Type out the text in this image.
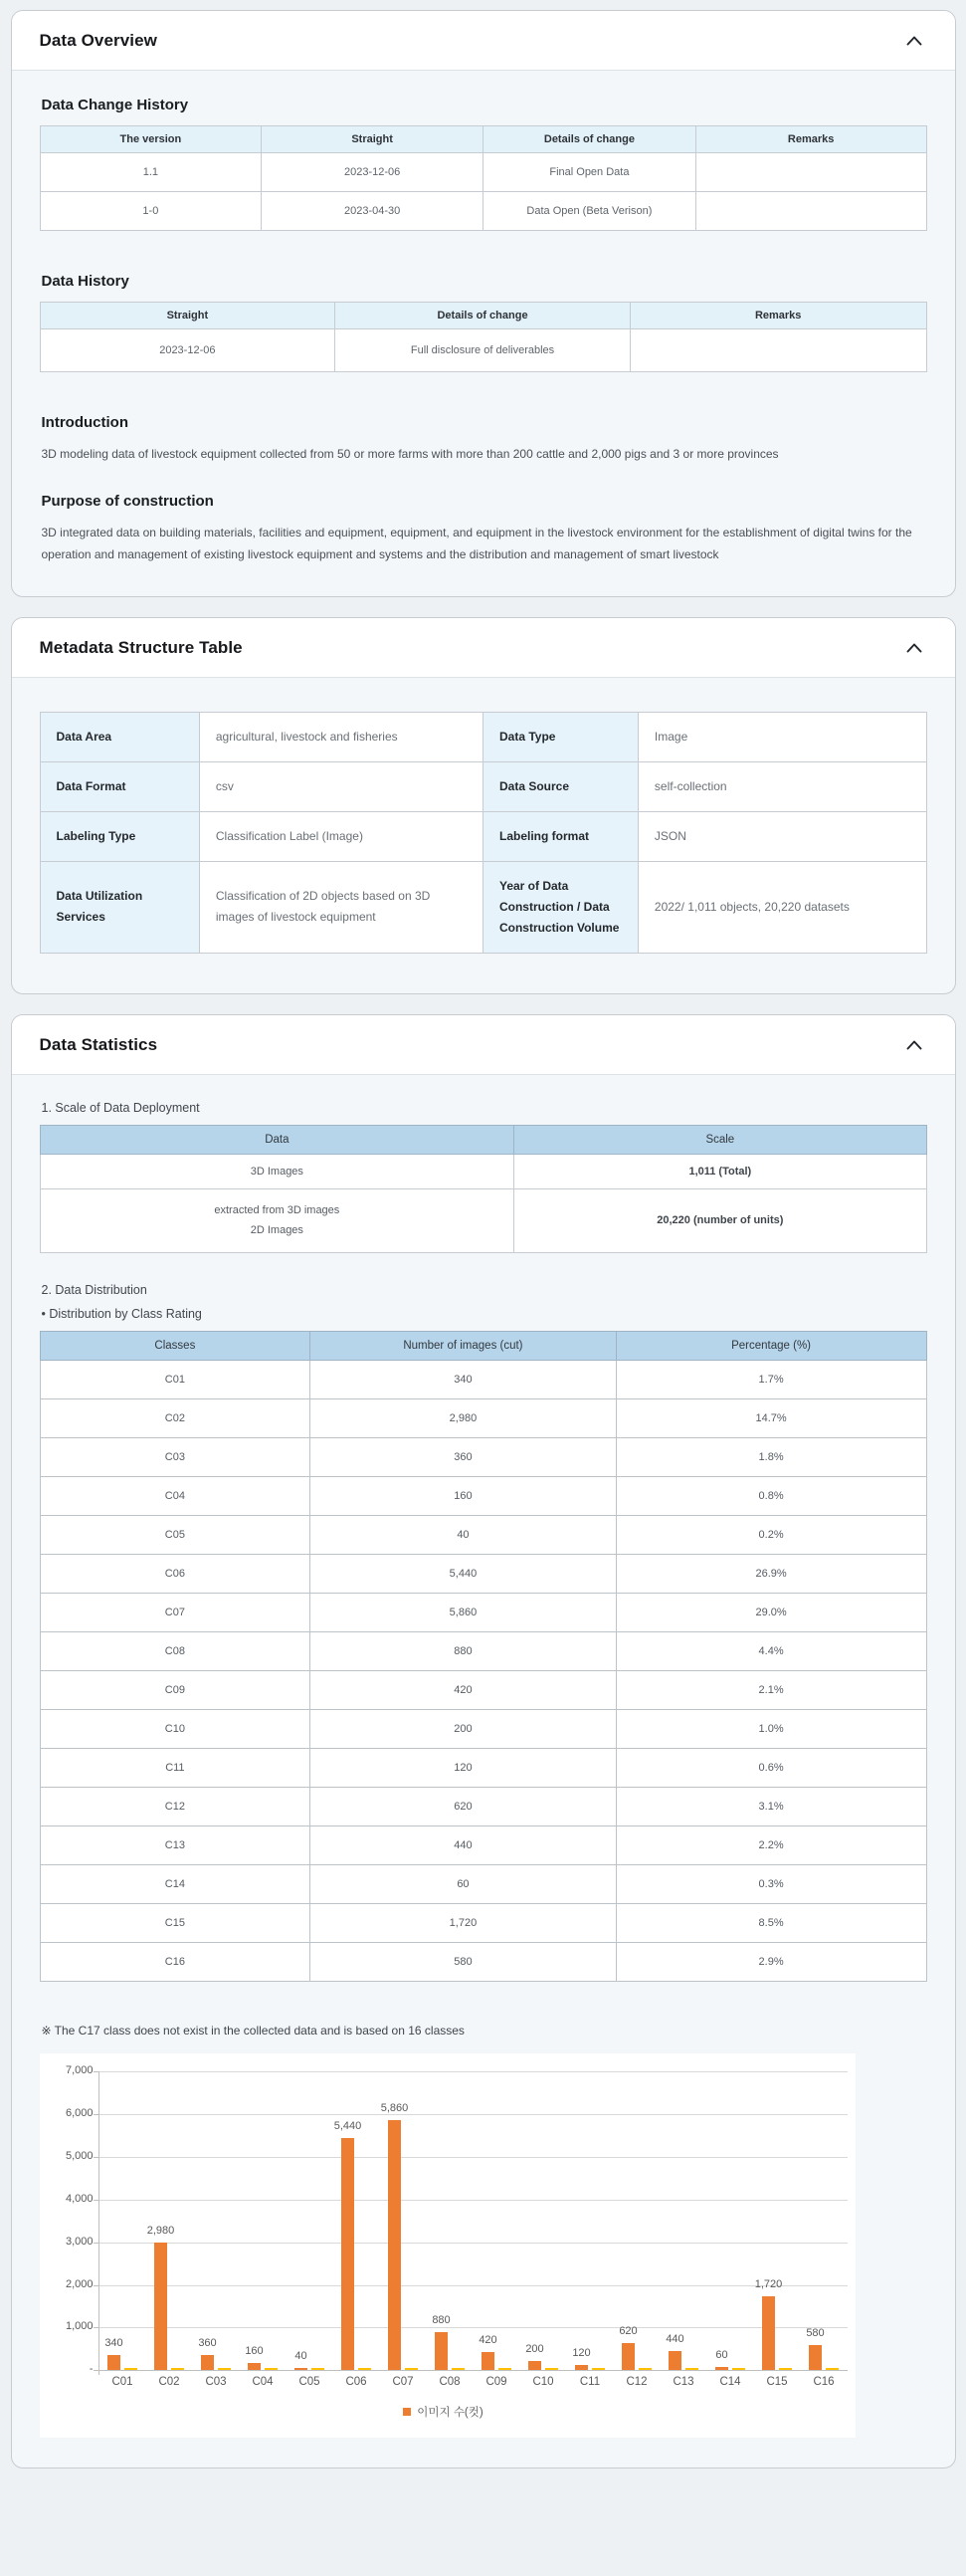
Data Overview
Data Change History
The version	Straight	Details of change	Remarks
1.1	2023-12-06	Final Open Data	
1-0	2023-04-30	Data Open (Beta Verison)	
Data History
Straight	Details of change	Remarks
2023-12-06	Full disclosure of deliverables	
Introduction

3D modeling data of livestock equipment collected from 50 or more farms with more than 200 cattle and 2,000 pigs and 3 or more provinces

Purpose of construction

3D integrated data on building materials, facilities and equipment, equipment, and equipment in the livestock environment for the establishment of digital twins for the operation and management of existing livestock equipment and systems and the distribution and management of smart livestock

Metadata Structure Table
Data Area	agricultural, livestock and fisheries	Data Type	Image
Data Format	csv	Data Source	self-collection
Labeling Type	Classification Label (Image)	Labeling format	JSON
Data Utilization Services	Classification of 2D objects based on 3D images of livestock equipment	Year of Data Construction / Data Construction Volume	2022/ 1,011 objects, 20,220 datasets
Data Statistics
1. Scale of Data Deployment
Data	Scale
3D Images	1,011 (Total)

extracted from 3D images
2D Images	20,220 (number of units)
2. Data Distribution
• Distribution by Class Rating
Classes	Number of images (cut)	Percentage (%)
C01	340	1.7%
C02	2,980	14.7%
C03	360	1.8%
C04	160	0.8%
C05	40	0.2%
C06	5,440	26.9%
C07	5,860	29.0%
C08	880	4.4%
C09	420	2.1%
C10	200	1.0%
C11	120	0.6%
C12	620	3.1%
C13	440	2.2%
C14	60	0.3%
C15	1,720	8.5%
C16	580	2.9%

※ The C17 class does not exist in the collected data and is based on 16 classes

-
1,000
2,000
3,000
4,000
5,000
6,000
7,000
340
C01
2,980
C02
360
C03
160
C04
40
C05
5,440
C06
5,860
C07
880
C08
420
C09
200
C10
120
C11
620
C12
440
C13
60
C14
1,720
C15
580
C16
이미지 수(컷)
